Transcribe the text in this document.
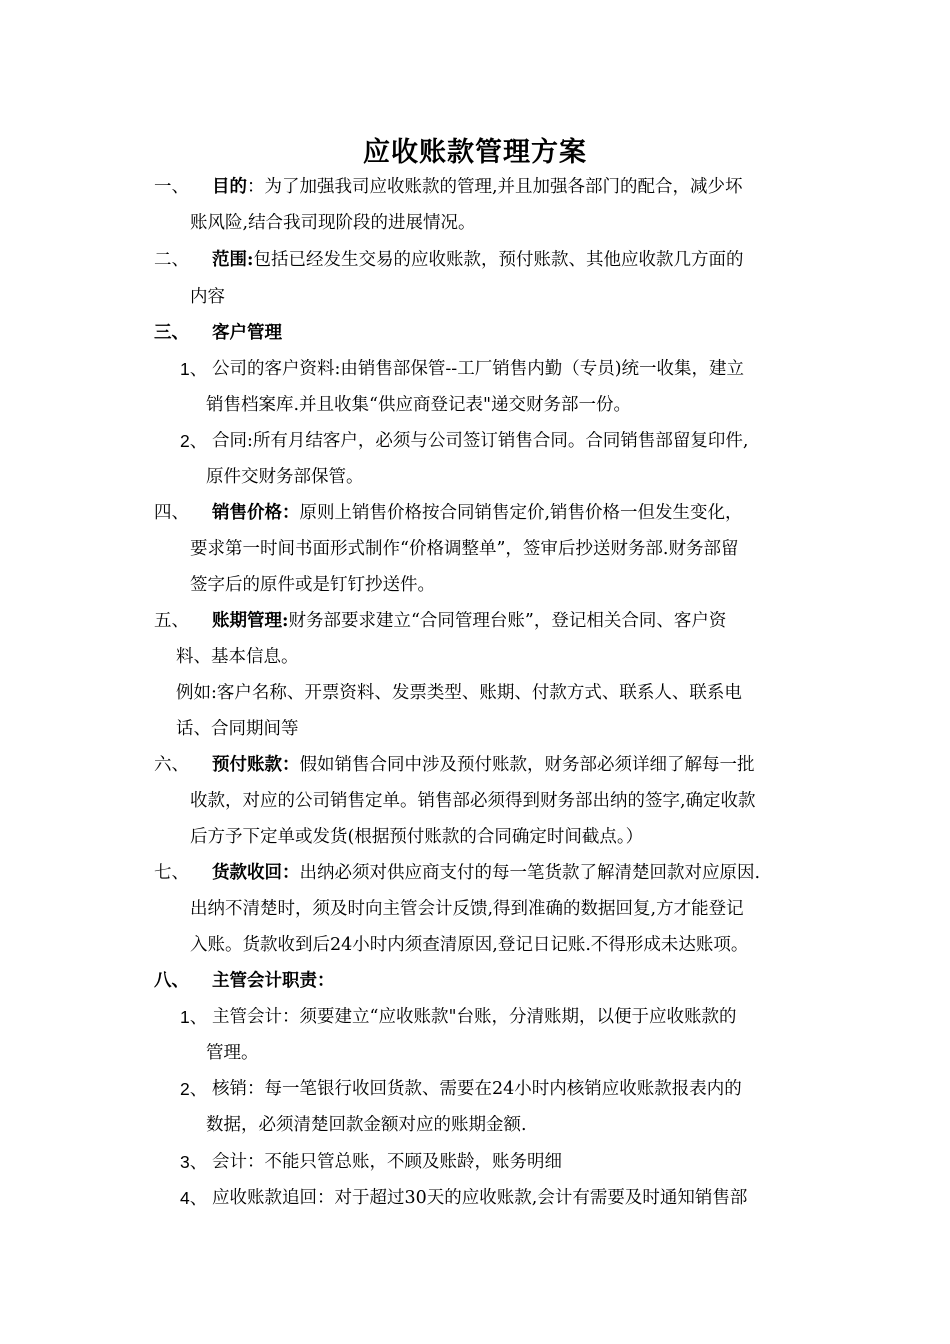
应收账款管理方案
一、 目的：为了加强我司应收账款的管理,并且加强各部门的配合，减少坏
账风险,结合我司现阶段的进展情况。
二、 范围:包括已经发生交易的应收账款，预付账款、其他应收款几方面的
内容
三、 客户管理
1、 公司的客户资料:由销售部保管--工厂销售内勤（专员)统一收集，建立
销售档案库.并且收集“供应商登记表"递交财务部一份。
2、 合同:所有月结客户，必须与公司签订销售合同。合同销售部留复印件,
原件交财务部保管。
四、 销售价格：原则上销售价格按合同销售定价,销售价格一但发生变化，
要求第一时间书面形式制作“价格调整单”，签审后抄送财务部.财务部留
签字后的原件或是钉钉抄送件。
五、 账期管理:财务部要求建立“合同管理台账”，登记相关合同、客户资
料、基本信息。
例如:客户名称、开票资料、发票类型、账期、付款方式、联系人、联系电
话、合同期间等
六、 预付账款：假如销售合同中涉及预付账款，财务部必须详细了解每一批
收款，对应的公司销售定单。销售部必须得到财务部出纳的签字,确定收款
后方予下定单或发货(根据预付账款的合同确定时间截点。）
七、 货款收回：出纳必须对供应商支付的每一笔货款了解清楚回款对应原因.
出纳不清楚时，须及时向主管会计反馈,得到准确的数据回复,方才能登记
入账。货款收到后24小时内须查清原因,登记日记账.不得形成未达账项。
八、 主管会计职责：
1、 主管会计：须要建立“应收账款"台账，分清账期，以便于应收账款的
管理。
2、 核销：每一笔银行收回货款、需要在24小时内核销应收账款报表内的
数据，必须清楚回款金额对应的账期金额.
3、 会计：不能只管总账，不顾及账龄，账务明细
4、 应收账款追回：对于超过30天的应收账款,会计有需要及时通知销售部
